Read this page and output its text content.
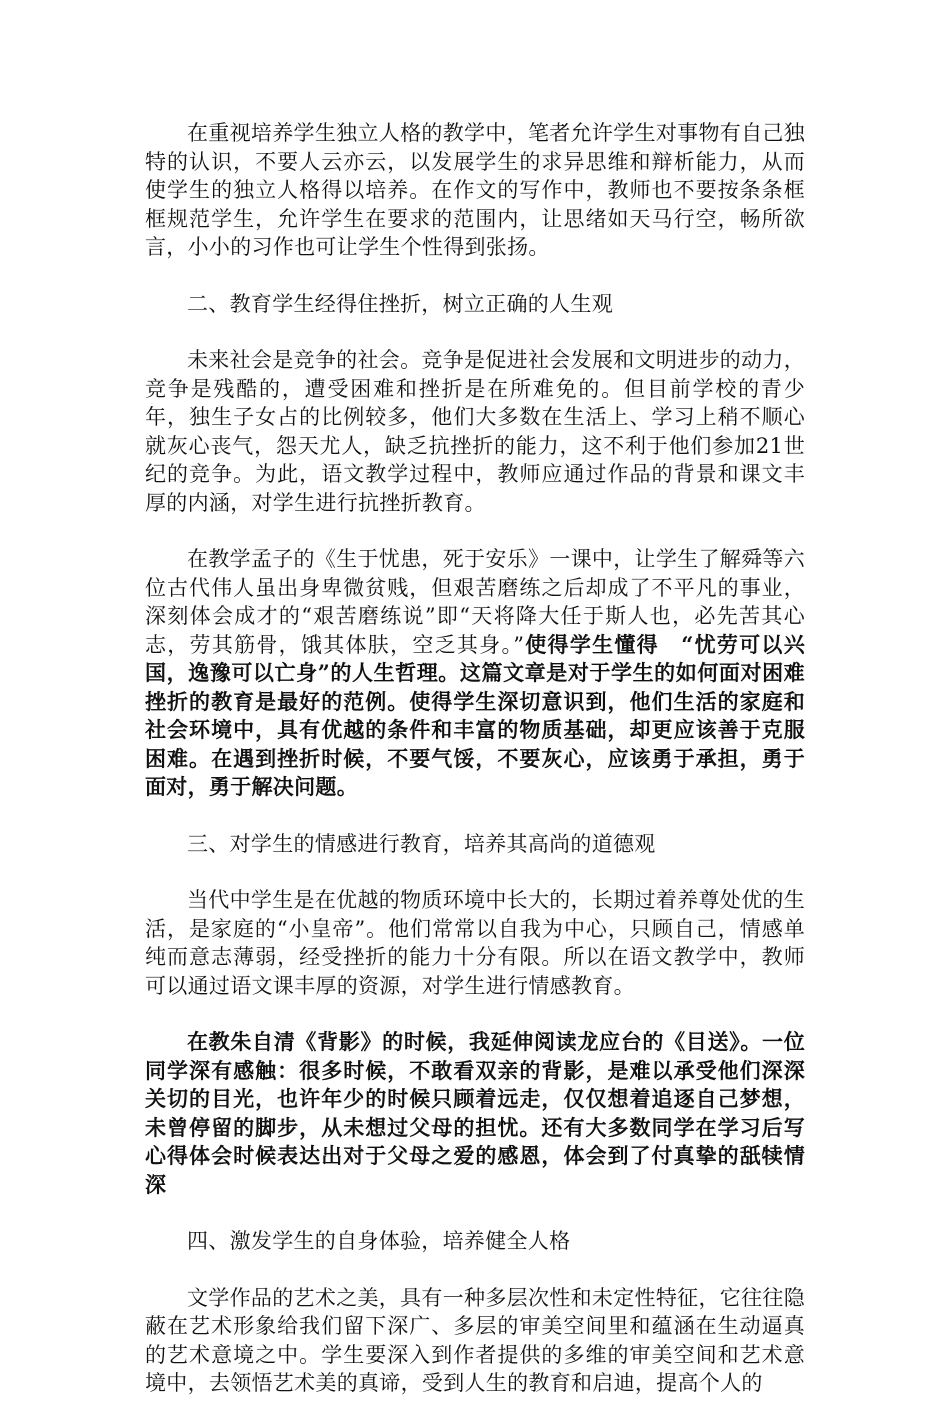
在重视培养学生独立人格的教学中，笔者允许学生对事物有自己独特的认识，不要人云亦云，以发展学生的求异思维和辩析能力，从而使学生的独立人格得以培养。在作文的写作中，教师也不要按条条框框规范学生，允许学生在要求的范围内，让思绪如天马行空，畅所欲言，小小的习作也可让学生个性得到张扬。

二、教育学生经得住挫折，树立正确的人生观

未来社会是竞争的社会。竞争是促进社会发展和文明进步的动力，竞争是残酷的，遭受困难和挫折是在所难免的。但目前学校的青少年，独生子女占的比例较多，他们大多数在生活上、学习上稍不顺心就灰心丧气，怨天尤人，缺乏抗挫折的能力，这不利于他们参加21世纪的竞争。为此，语文教学过程中，教师应通过作品的背景和课文丰厚的内涵，对学生进行抗挫折教育。

在教学孟子的《生于忧患，死于安乐》一课中，让学生了解舜等六位古代伟人虽出身卑微贫贱，但艰苦磨练之后却成了不平凡的事业，深刻体会成才的“艰苦磨练说”即“天将降大任于斯人也，必先苦其心志，劳其筋骨，饿其体肤，空乏其身。”使得学生懂得　“忧劳可以兴国，逸豫可以亡身”的人生哲理。这篇文章是对于学生的如何面对困难挫折的教育是最好的范例。使得学生深切意识到，他们生活的家庭和社会环境中，具有优越的条件和丰富的物质基础，却更应该善于克服困难。在遇到挫折时候，不要气馁，不要灰心，应该勇于承担，勇于面对，勇于解决问题。

三、对学生的情感进行教育，培养其高尚的道德观

当代中学生是在优越的物质环境中长大的，长期过着养尊处优的生活，是家庭的“小皇帝”。他们常常以自我为中心，只顾自己，情感单纯而意志薄弱，经受挫折的能力十分有限。所以在语文教学中，教师可以通过语文课丰厚的资源，对学生进行情感教育。

在教朱自清《背影》的时候，我延伸阅读龙应台的《目送》。一位同学深有感触：很多时候，不敢看双亲的背影，是难以承受他们深深关切的目光，也许年少的时候只顾着远走，仅仅想着追逐自己梦想，未曾停留的脚步，从未想过父母的担忧。还有大多数同学在学习后写心得体会时候表达出对于父母之爱的感恩，体会到了付真挚的舐犊情深

四、激发学生的自身体验，培养健全人格

文学作品的艺术之美，具有一种多层次性和未定性特征，它往往隐蔽在艺术形象给我们留下深广、多层的审美空间里和蕴涵在生动逼真的艺术意境之中。学生要深入到作者提供的多维的审美空间和艺术意境中，去领悟艺术美的真谛，受到人生的教育和启迪，提高个人的
